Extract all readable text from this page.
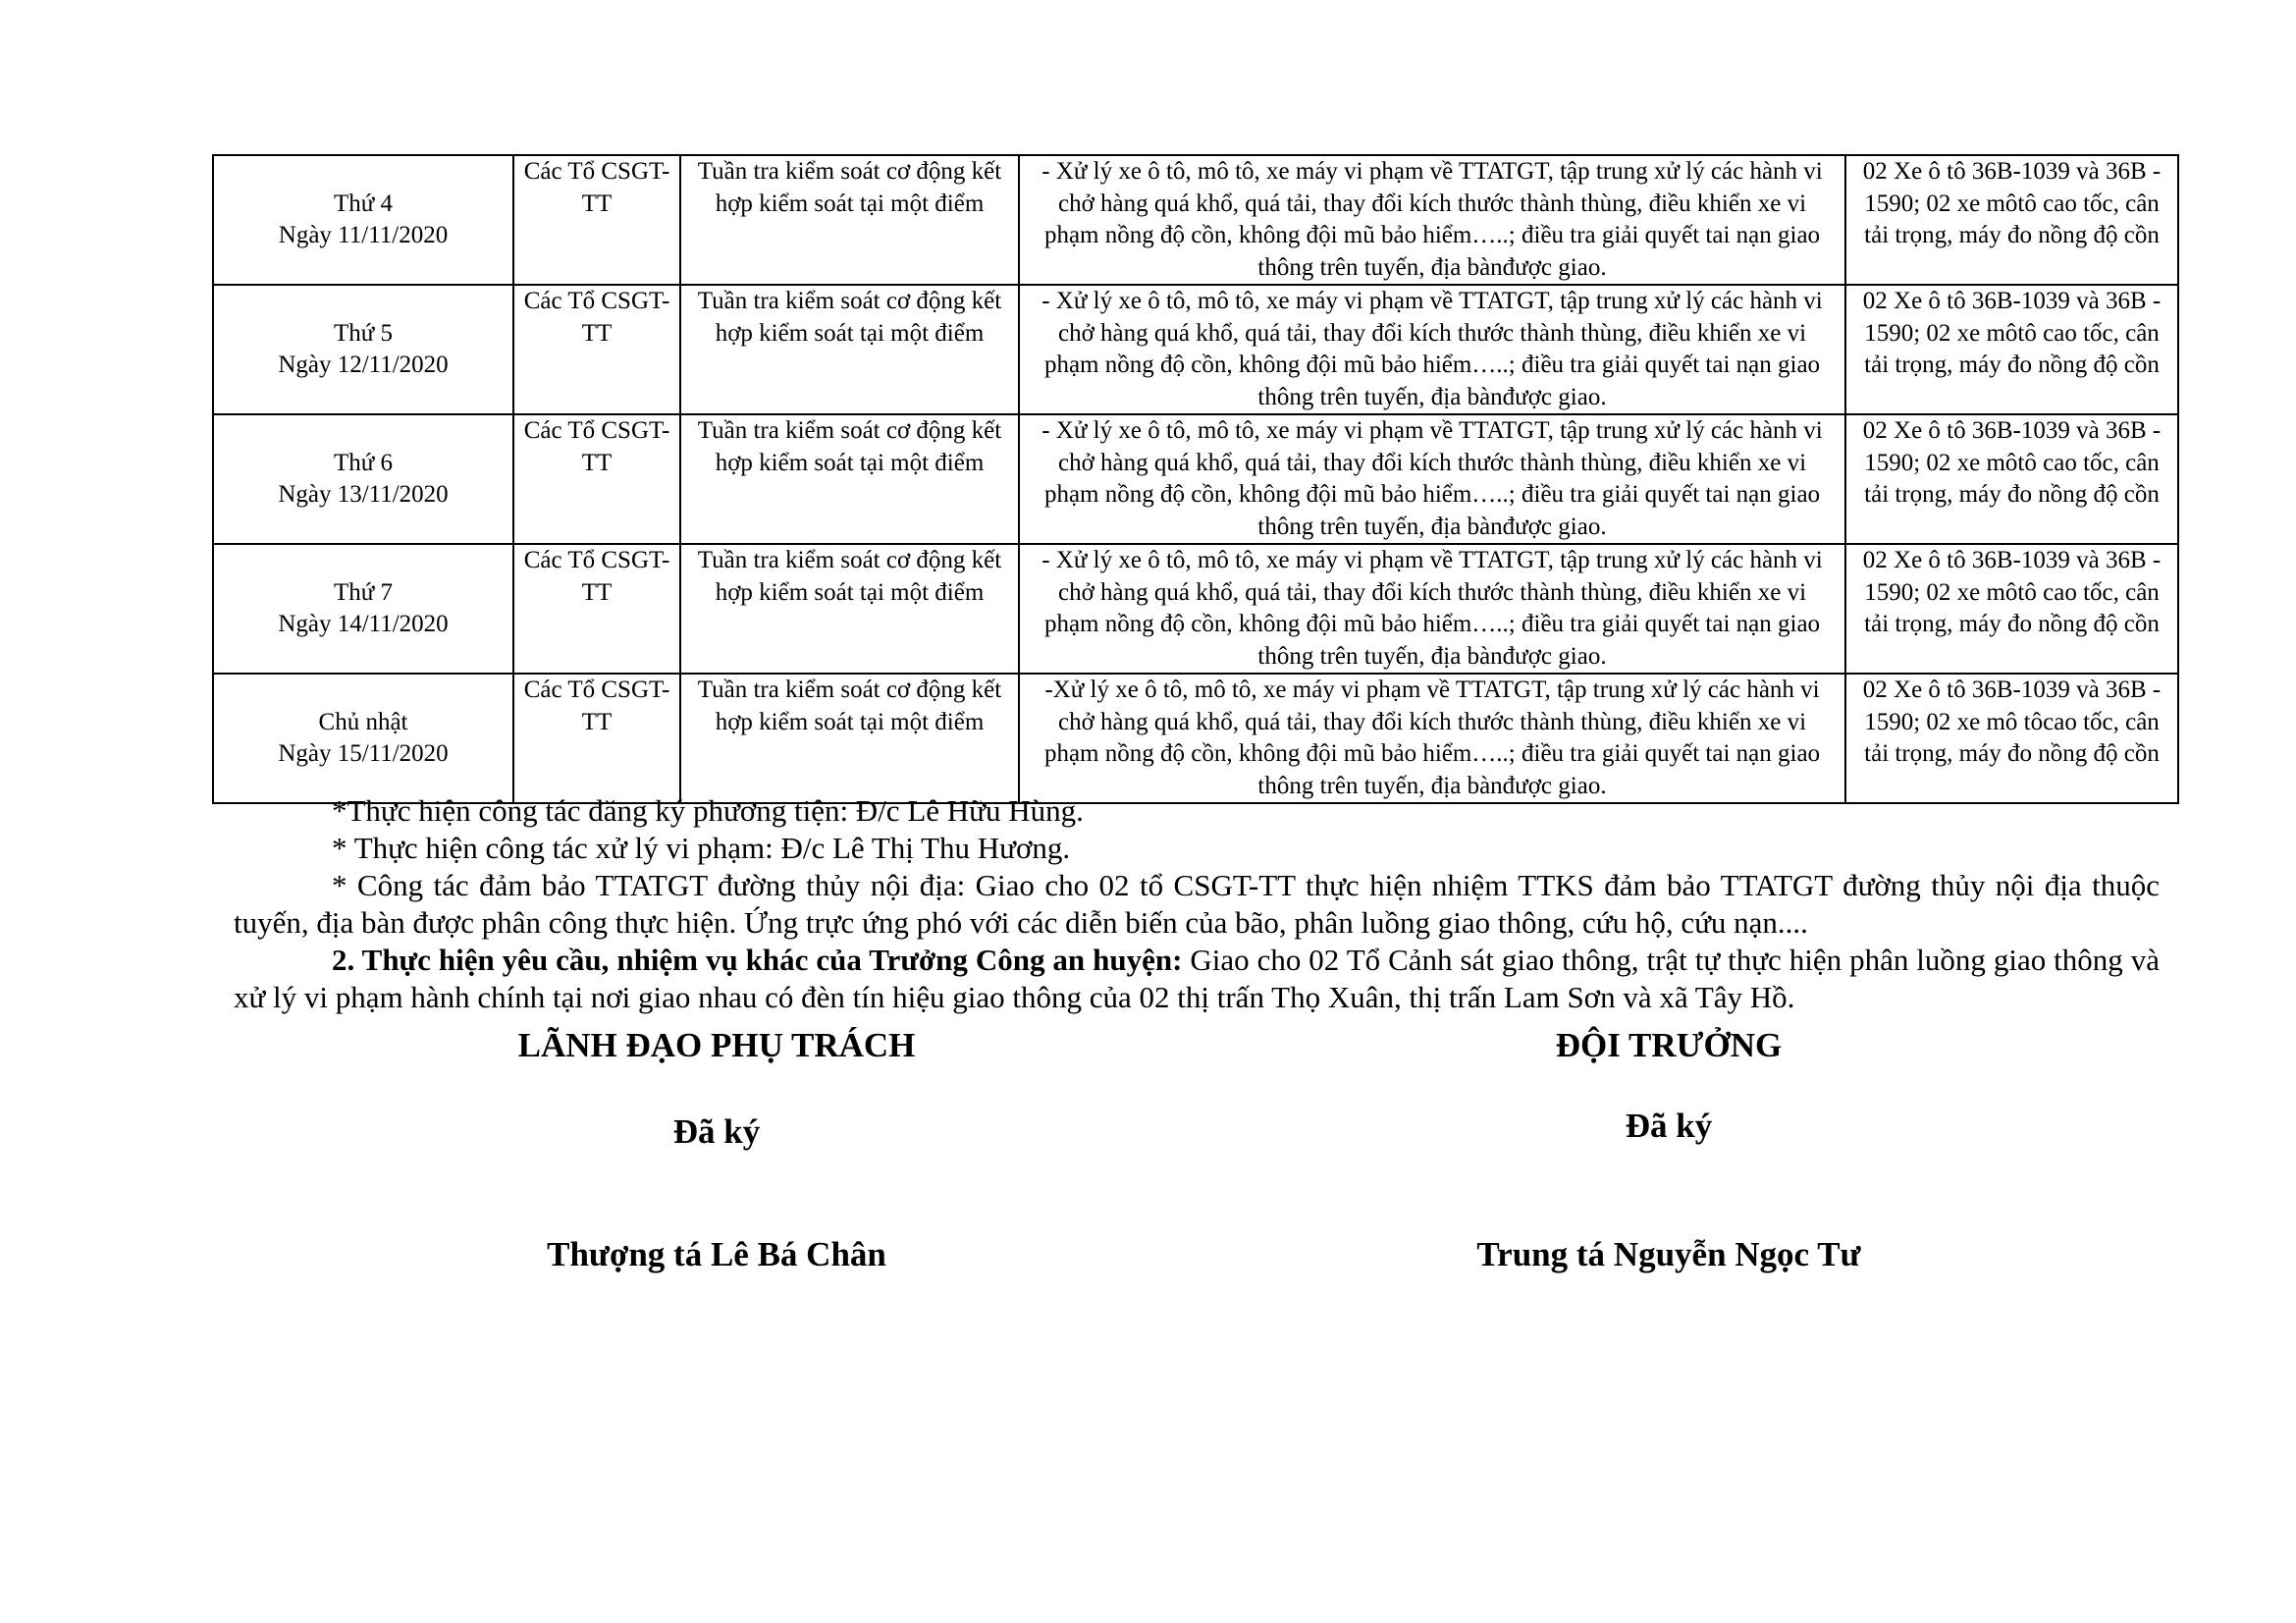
Thứ 4
Ngày 11/11/2020	Các Tổ CSGT-TT	Tuần tra kiểm soát cơ động kết hợp kiểm soát tại một điểm	- Xử lý xe ô tô, mô tô, xe máy vi phạm về TTATGT, tập trung xử lý các hành vi chở hàng quá khổ, quá tải, thay đổi kích thước thành thùng, điều khiển xe vi phạm nồng độ cồn, không đội mũ bảo hiểm…..; điều tra giải quyết tai nạn giao thông trên tuyến, địa bànđược giao.	02 Xe ô tô 36B-1039 và 36B - 1590; 02 xe môtô cao tốc, cân tải trọng, máy đo nồng độ cồn

Thứ 5
Ngày 12/11/2020	Các Tổ CSGT-TT	Tuần tra kiểm soát cơ động kết hợp kiểm soát tại một điểm	- Xử lý xe ô tô, mô tô, xe máy vi phạm về TTATGT, tập trung xử lý các hành vi chở hàng quá khổ, quá tải, thay đổi kích thước thành thùng, điều khiển xe vi phạm nồng độ cồn, không đội mũ bảo hiểm…..; điều tra giải quyết tai nạn giao thông trên tuyến, địa bànđược giao.	02 Xe ô tô 36B-1039 và 36B - 1590; 02 xe môtô cao tốc, cân tải trọng, máy đo nồng độ cồn

Thứ 6
Ngày 13/11/2020	Các Tổ CSGT-TT	Tuần tra kiểm soát cơ động kết hợp kiểm soát tại một điểm	- Xử lý xe ô tô, mô tô, xe máy vi phạm về TTATGT, tập trung xử lý các hành vi chở hàng quá khổ, quá tải, thay đổi kích thước thành thùng, điều khiển xe vi phạm nồng độ cồn, không đội mũ bảo hiểm…..; điều tra giải quyết tai nạn giao thông trên tuyến, địa bànđược giao.	02 Xe ô tô 36B-1039 và 36B - 1590; 02 xe môtô cao tốc, cân tải trọng, máy đo nồng độ cồn

Thứ 7
Ngày 14/11/2020	Các Tổ CSGT-TT	Tuần tra kiểm soát cơ động kết hợp kiểm soát tại một điểm	- Xử lý xe ô tô, mô tô, xe máy vi phạm về TTATGT, tập trung xử lý các hành vi chở hàng quá khổ, quá tải, thay đổi kích thước thành thùng, điều khiển xe vi phạm nồng độ cồn, không đội mũ bảo hiểm…..; điều tra giải quyết tai nạn giao thông trên tuyến, địa bànđược giao.	02 Xe ô tô 36B-1039 và 36B - 1590; 02 xe môtô cao tốc, cân tải trọng, máy đo nồng độ cồn

Chủ nhật
Ngày 15/11/2020	Các Tổ CSGT-TT	Tuần tra kiểm soát cơ động kết hợp kiểm soát tại một điểm	-Xử lý xe ô tô, mô tô, xe máy vi phạm về TTATGT, tập trung xử lý các hành vi chở hàng quá khổ, quá tải, thay đổi kích thước thành thùng, điều khiển xe vi phạm nồng độ cồn, không đội mũ bảo hiểm…..; điều tra giải quyết tai nạn giao thông trên tuyến, địa bànđược giao.	02 Xe ô tô 36B-1039 và 36B - 1590; 02 xe mô tôcao tốc, cân tải trọng, máy đo nồng độ cồn

*Thực hiện công tác đăng ký phương tiện: Đ/c Lê Hữu Hùng.

* Thực hiện công tác xử lý vi phạm: Đ/c Lê Thị Thu Hương.

* Công tác đảm bảo TTATGT đường thủy nội địa: Giao cho 02 tổ CSGT-TT thực hiện nhiệm TTKS đảm bảo TTATGT đường thủy nội địa thuộc tuyến, địa bàn được phân công thực hiện. Ứng trực ứng phó với các diễn biến của bão, phân luồng giao thông, cứu hộ, cứu nạn....

2. Thực hiện yêu cầu, nhiệm vụ khác của Trưởng Công an huyện: Giao cho 02 Tổ Cảnh sát giao thông, trật tự thực hiện phân luồng giao thông và xử lý vi phạm hành chính tại nơi giao nhau có đèn tín hiệu giao thông của 02 thị trấn Thọ Xuân, thị trấn Lam Sơn và xã Tây Hồ.

LÃNH ĐẠO PHỤ TRÁCH	ĐỘI TRƯỞNG
Đã ký	Đã ký
Thượng tá Lê Bá Chân	Trung tá Nguyễn Ngọc Tư
